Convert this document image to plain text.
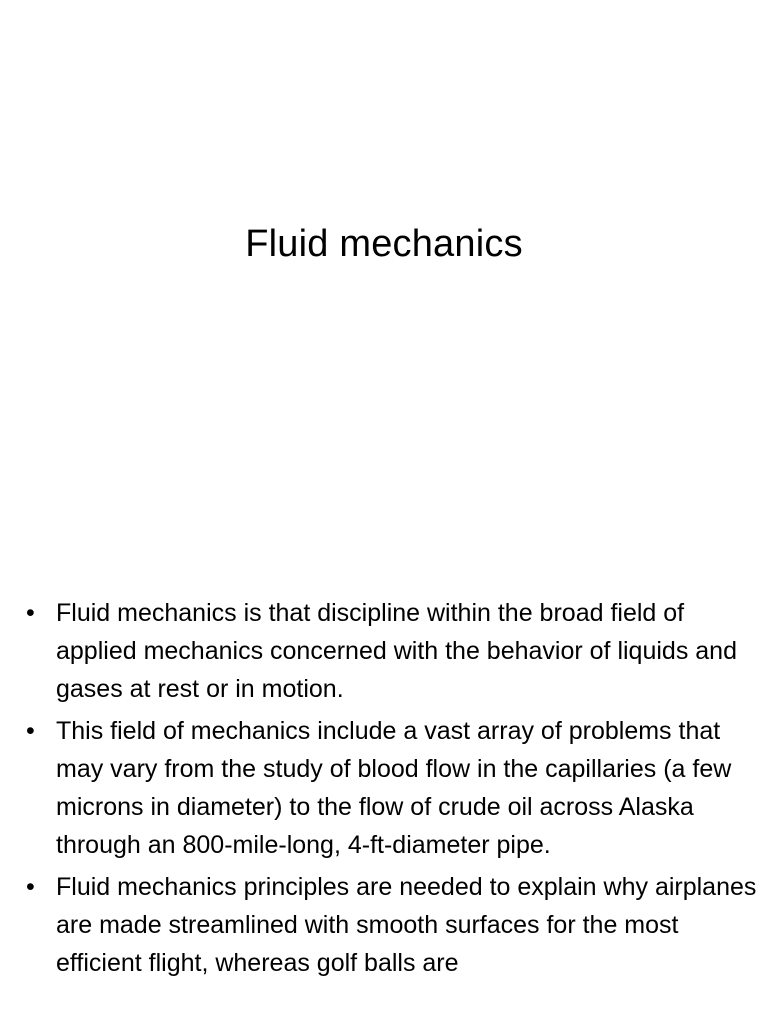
Fluid mechanics
• Fluid mechanics is that discipline within the broad field of applied mechanics concerned with the behavior of liquids and gases at rest or in motion.
• This field of mechanics include a vast array of problems that may vary from the study of blood flow in the capillaries (a few microns in diameter) to the flow of crude oil across Alaska through an 800-mile-long, 4-ft-diameter pipe.
• Fluid mechanics principles are needed to explain why airplanes are made streamlined with smooth surfaces for the most efficient flight, whereas golf balls are
